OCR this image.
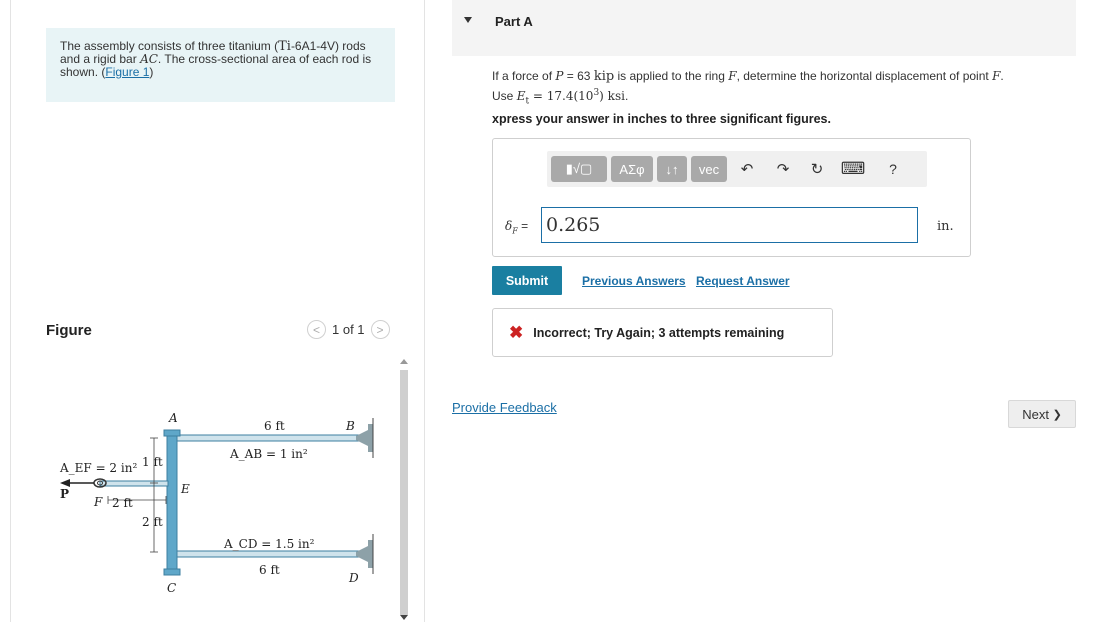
The assembly consists of three titanium (Ti-6A1-4V) rods and a rigid bar AC. The cross-sectional area of each rod is shown. (Figure 1)
Figure	< 1 of 1 >
A
B
C
D
E
F
P
6 ft
A_AB = 1 in²
A_CD = 1.5 in²
6 ft
A_EF = 2 in² 1 ft
2 ft
2 ft
Part A
If a force of P = 63 kip is applied to the ring F, determine the horizontal displacement of point F.
Use $E_t = 17.4(10^3)$ ksi.
xpress your answer in inches to three significant figures.
▮√▢ ΑΣφ ↓↑ vec ↶ ↷ ↻ ⌨	?
$\delta_F = 0.265$	in.
Submit	Previous Answers Request Answer
✖ Incorrect; Try Again; 3 attempts remaining
Provide Feedback	Next
❯
